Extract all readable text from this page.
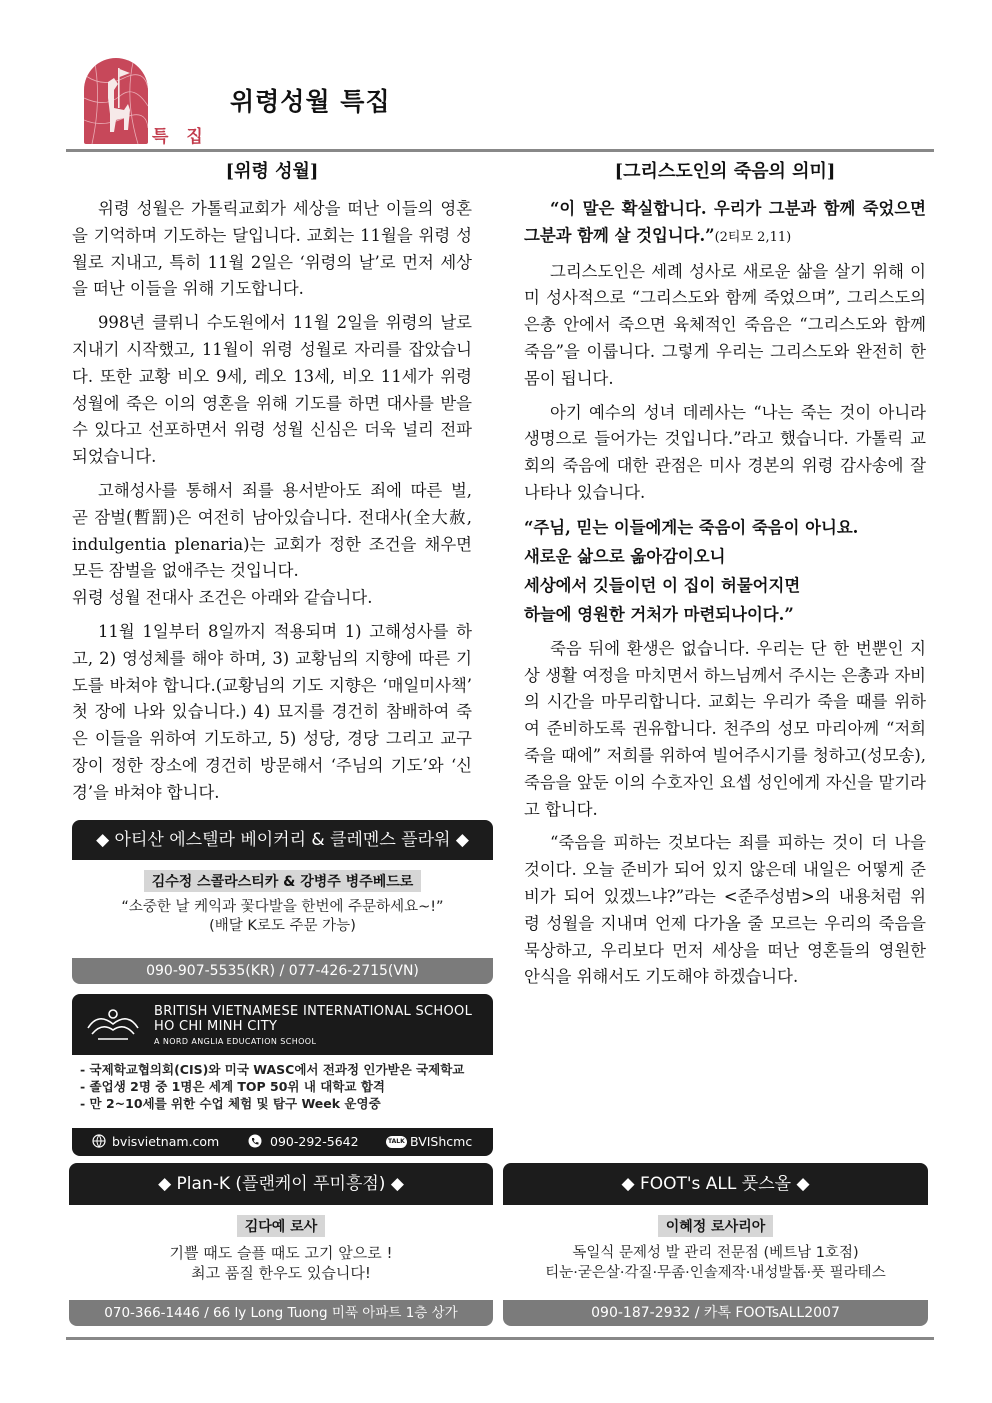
특 집
위령성월 특집

[위령 성월]

위령 성월은 가톨릭교회가 세상을 떠난 이들의 영혼을 기억하며 기도하는 달입니다. 교회는 11월을 위령 성월로 지내고, 특히 11월 2일은 ‘위령의 날’로 먼저 세상을 떠난 이들을 위해 기도합니다.

998년 클뤼니 수도원에서 11월 2일을 위령의 날로 지내기 시작했고, 11월이 위령 성월로 자리를 잡았습니다. 또한 교황 비오 9세, 레오 13세, 비오 11세가 위령 성월에 죽은 이의 영혼을 위해 기도를 하면 대사를 받을 수 있다고 선포하면서 위령 성월 신심은 더욱 널리 전파되었습니다.

고해성사를 통해서 죄를 용서받아도 죄에 따른 벌, 곧 잠벌(暫罰)은 여전히 남아있습니다. 전대사(全大赦, indulgentia plenaria)는 교회가 정한 조건을 채우면 모든 잠벌을 없애주는 것입니다.

위령 성월 전대사 조건은 아래와 같습니다.

11월 1일부터 8일까지 적용되며 1) 고해성사를 하고, 2) 영성체를 해야 하며, 3) 교황님의 지향에 따른 기도를 바쳐야 합니다.(교황님의 기도 지향은 ‘매일미사책’ 첫 장에 나와 있습니다.) 4) 묘지를 경건히 참배하여 죽은 이들을 위하여 기도하고, 5) 성당, 경당 그리고 교구장이 정한 장소에 경건히 방문해서 ‘주님의 기도’와 ‘신경’을 바쳐야 합니다.

[그리스도인의 죽음의 의미]

“이 말은 확실합니다. 우리가 그분과 함께 죽었으면 그분과 함께 살 것입니다.”(2티모 2,11)

그리스도인은 세례 성사로 새로운 삶을 살기 위해 이미 성사적으로 “그리스도와 함께 죽었으며”, 그리스도의 은총 안에서 죽으면 육체적인 죽음은 “그리스도와 함께 죽음”을 이룹니다. 그렇게 우리는 그리스도와 완전히 한 몸이 됩니다.

아기 예수의 성녀 데레사는 “나는 죽는 것이 아니라 생명으로 들어가는 것입니다.”라고 했습니다. 가톨릭 교회의 죽음에 대한 관점은 미사 경본의 위령 감사송에 잘 나타나 있습니다.

“주님, 믿는 이들에게는 죽음이 죽음이 아니요.
새로운 삶으로 옮아감이오니
세상에서 깃들이던 이 집이 허물어지면
하늘에 영원한 거처가 마련되나이다.”

죽음 뒤에 환생은 없습니다. 우리는 단 한 번뿐인 지상 생활 여정을 마치면서 하느님께서 주시는 은총과 자비의 시간을 마무리합니다. 교회는 우리가 죽을 때를 위하여 준비하도록 권유합니다. 천주의 성모 마리아께 “저희 죽을 때에” 저희를 위하여 빌어주시기를 청하고(성모송), 죽음을 앞둔 이의 수호자인 요셉 성인에게 자신을 맡기라고 합니다.

“죽음을 피하는 것보다는 죄를 피하는 것이 더 나을 것이다. 오늘 준비가 되어 있지 않은데 내일은 어떻게 준비가 되어 있겠느냐?”라는 <준주성범>의 내용처럼 위령 성월을 지내며 언제 다가올 줄 모르는 우리의 죽음을 묵상하고, 우리보다 먼저 세상을 떠난 영혼들의 영원한 안식을 위해서도 기도해야 하겠습니다.

◆ 아티산 에스텔라 베이커리 & 클레멘스 플라워 ◆
김수정 스콜라스티카 & 강병주 병주베드로
“소중한 날 케익과 꽃다발을 한번에 주문하세요~!”
(배달 K로도 주문 가능)
090-907-5535(KR) / 077-426-2715(VN)
BRITISH VIETNAMESE INTERNATIONAL SCHOOL
HO CHI MINH CITY
A NORD ANGLIA EDUCATION SCHOOL
- 국제학교협의회(CIS)와 미국 WASC에서 전과정 인가받은 국제학교
- 졸업생 2명 중 1명은 세계 TOP 50위 내 대학교 합격
- 만 2~10세를 위한 수업 체험 및 탐구 Week 운영중
bvisvietnam.com	090-292-5642	TALK BVIShcmc
◆ Plan-K (플랜케이 푸미흥점) ◆
김다예 로사
기쁠 때도 슬플 때도 고기 앞으로 !
최고 품질 한우도 있습니다!
070-366-1446 / 66 ly Long Tuong 미푹 아파트 1층 상가
◆ FOOT's ALL 풋스올 ◆
이혜정 로사리아
독일식 문제성 발 관리 전문점 (베트남 1호점)
티눈·굳은살·각질·무좀·인솔제작·내성발톱·풋 필라테스
090-187-2932 / 카톡 FOOTsALL2007
